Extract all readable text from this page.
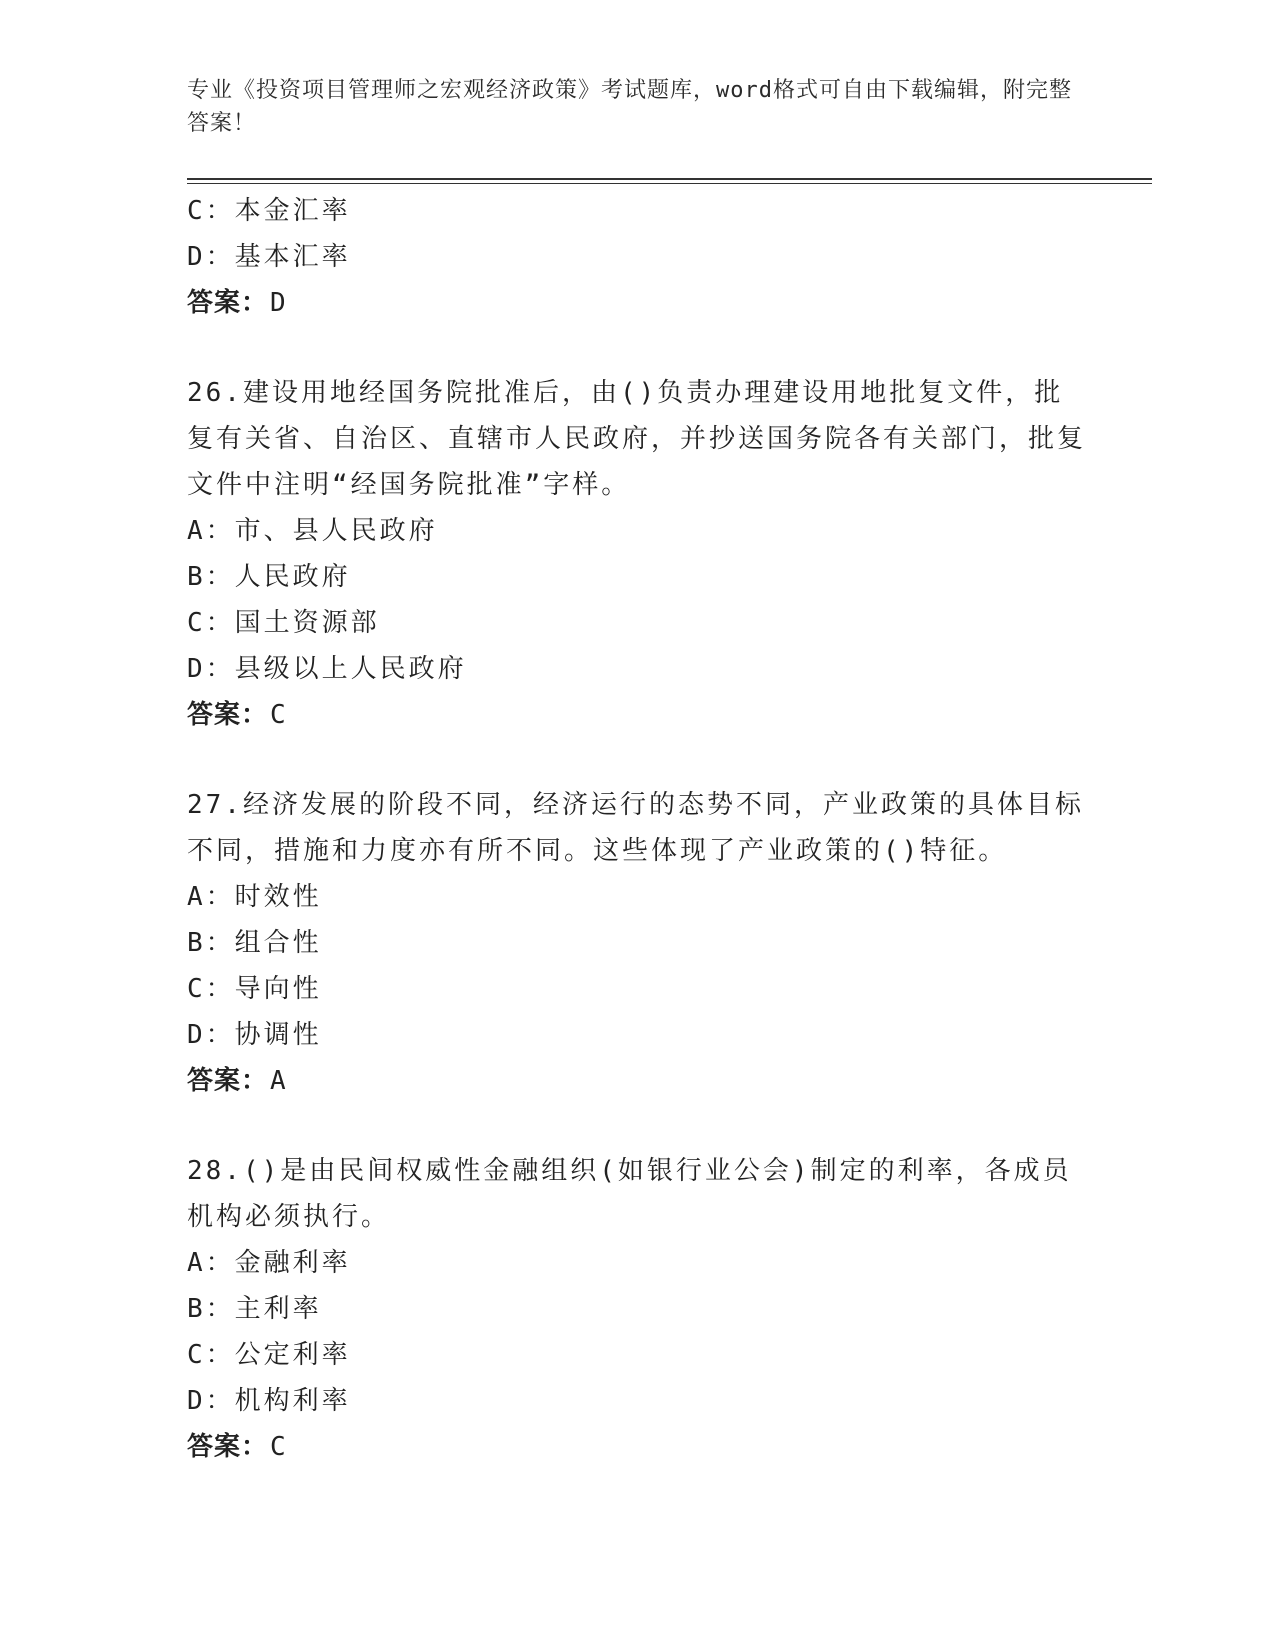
专业《投资项目管理师之宏观经济政策》考试题库，word格式可自由下载编辑，附完整答案！
C：本金汇率
D：基本汇率
答案：D
26.建设用地经国务院批准后，由()负责办理建设用地批复文件，批复有关省、自治区、直辖市人民政府，并抄送国务院各有关部门，批复文件中注明“经国务院批准”字样。
A：市、县人民政府
B：人民政府
C：国土资源部
D：县级以上人民政府
答案：C
27.经济发展的阶段不同，经济运行的态势不同，产业政策的具体目标不同，措施和力度亦有所不同。这些体现了产业政策的()特征。
A：时效性
B：组合性
C：导向性
D：协调性
答案：A
28.()是由民间权威性金融组织(如银行业公会)制定的利率，各成员机构必须执行。
A：金融利率
B：主利率
C：公定利率
D：机构利率
答案：C
